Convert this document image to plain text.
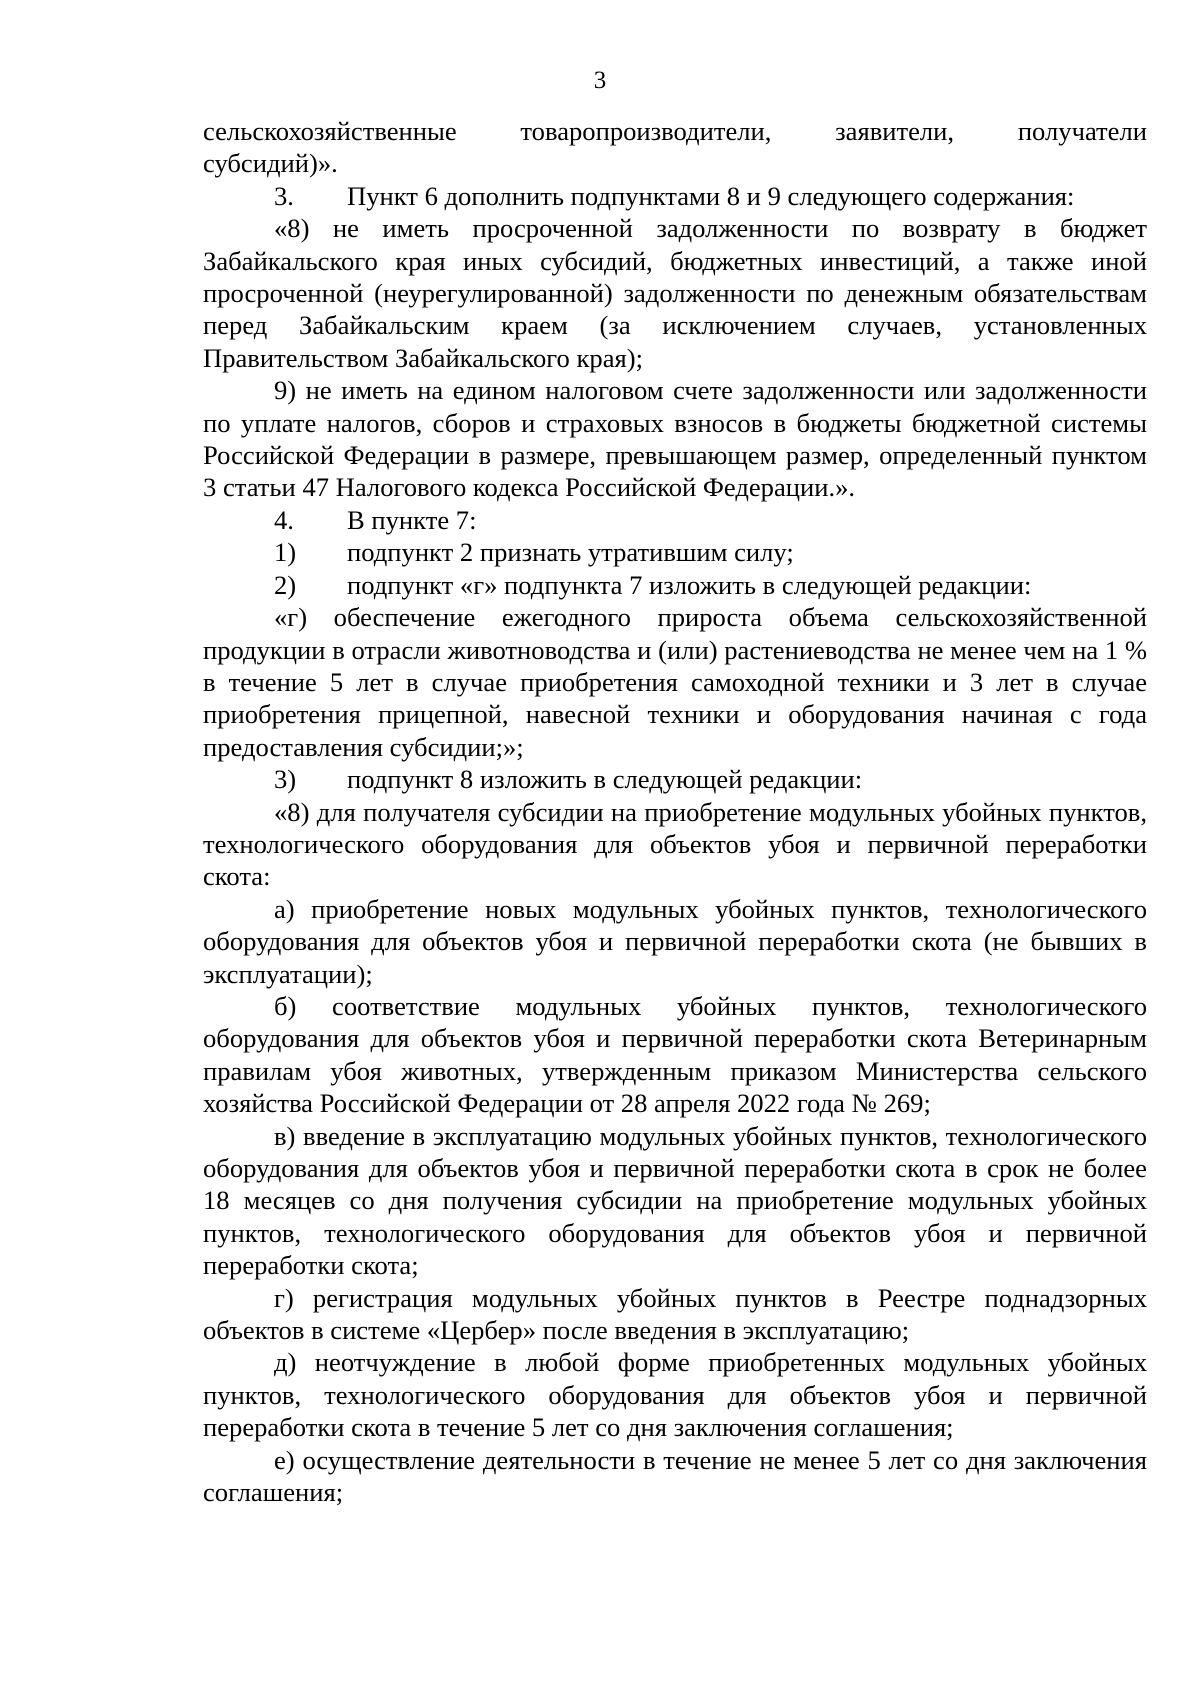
3

сельскохозяйственные товаропроизводители, заявители, получатели
субсидий)».

3. Пункт 6 дополнить подпунктами 8 и 9 следующего содержания:

«8) не иметь просроченной задолженности по возврату в бюджет Забайкальского края иных субсидий, бюджетных инвестиций, а также иной просроченной (неурегулированной) задолженности по денежным обязательствам перед Забайкальским краем (за исключением случаев, установленных Правительством Забайкальского края);

9) не иметь на едином налоговом счете задолженности или задолженности по уплате налогов, сборов и страховых взносов в бюджеты бюджетной системы Российской Федерации в размере, превышающем размер, определенный пунктом 3 статьи 47 Налогового кодекса Российской Федерации.».

4. В пункте 7:

1) подпункт 2 признать утратившим силу;

2) подпункт «г» подпункта 7 изложить в следующей редакции:

«г) обеспечение ежегодного прироста объема сельскохозяйственной продукции в отрасли животноводства и (или) растениеводства не менее чем на 1 % в течение 5 лет в случае приобретения самоходной техники и 3 лет в случае приобретения прицепной, навесной техники и оборудования начиная с года предоставления субсидии;»;

3) подпункт 8 изложить в следующей редакции:

«8) для получателя субсидии на приобретение модульных убойных пунктов, технологического оборудования для объектов убоя и первичной переработки скота:

а) приобретение новых модульных убойных пунктов, технологического оборудования для объектов убоя и первичной переработки скота (не бывших в эксплуатации);

б) соответствие модульных убойных пунктов, технологического оборудования для объектов убоя и первичной переработки скота Ветеринарным правилам убоя животных, утвержденным приказом Министерства сельского хозяйства Российской Федерации от 28 апреля 2022 года № 269;

в) введение в эксплуатацию модульных убойных пунктов, технологического оборудования для объектов убоя и первичной переработки скота в срок не более 18 месяцев со дня получения субсидии на приобретение модульных убойных пунктов, технологического оборудования для объектов убоя и первичной переработки скота;

г) регистрация модульных убойных пунктов в Реестре поднадзорных объектов в системе «Цербер» после введения в эксплуатацию;

д) неотчуждение в любой форме приобретенных модульных убойных пунктов, технологического оборудования для объектов убоя и первичной переработки скота в течение 5 лет со дня заключения соглашения;

е) осуществление деятельности в течение не менее 5 лет со дня заключения соглашения;
